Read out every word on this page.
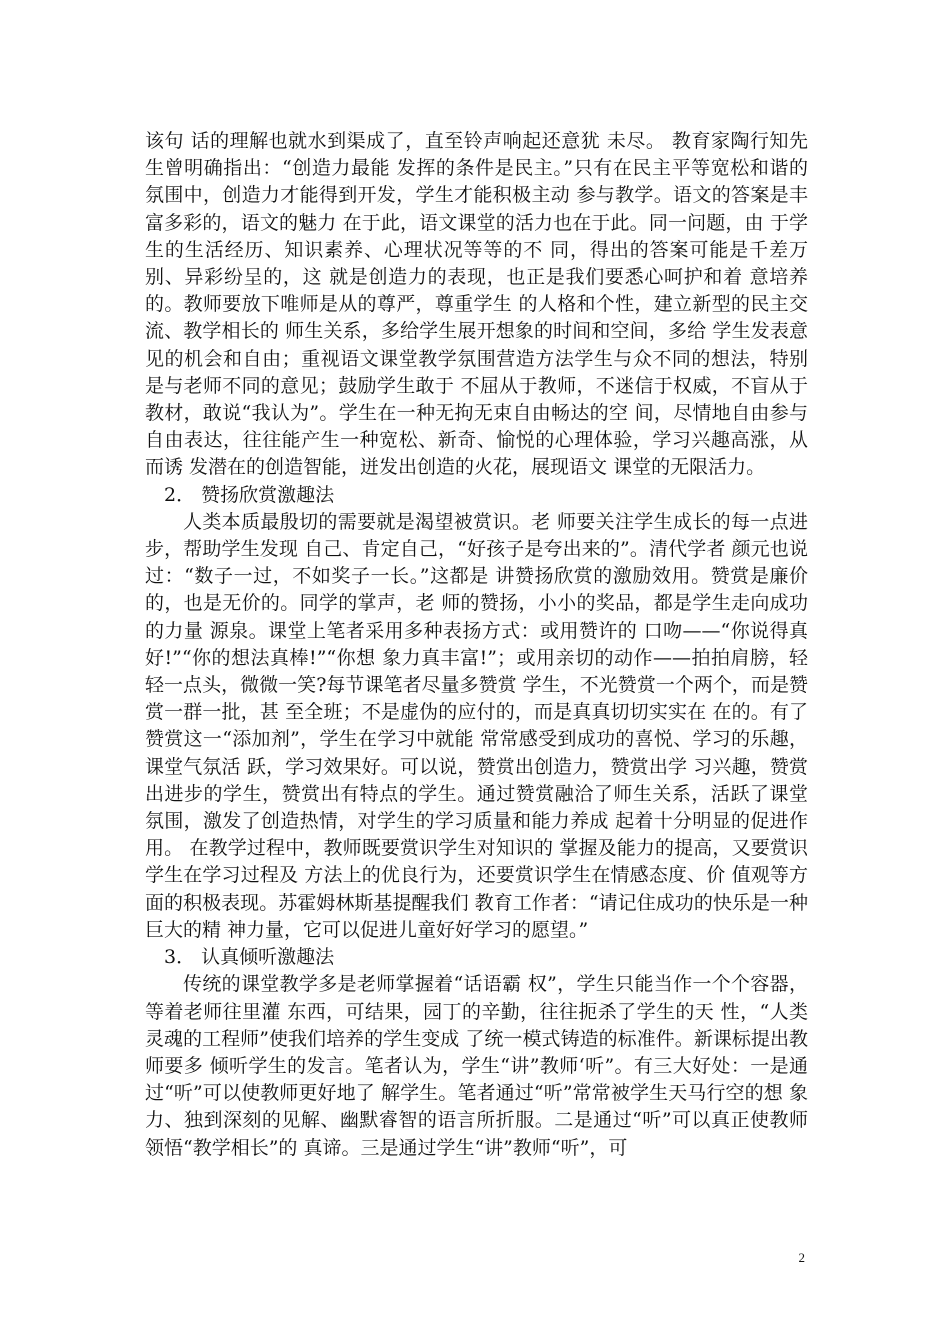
该句 话的理解也就水到渠成了，直至铃声响起还意犹 未尽。 教育家陶行知先生曾明确指出：“创造力最能 发挥的条件是民主。”只有在民主平等宽松和谐的 氛围中，创造力才能得到开发，学生才能积极主动 参与教学。语文的答案是丰富多彩的，语文的魅力 在于此，语文课堂的活力也在于此。同一问题，由 于学生的生活经历、知识素养、心理状况等等的不 同，得出的答案可能是千差万别、异彩纷呈的，这 就是创造力的表现，也正是我们要悉心呵护和着 意培养的。教师要放下唯师是从的尊严，尊重学生 的人格和个性，建立新型的民主交流、教学相长的 师生关系，多给学生展开想象的时间和空间，多给 学生发表意见的机会和自由；重视语文课堂教学氛围营造方法学生与众不同的想法，特别是与老师不同的意见；鼓励学生敢于 不屈从于教师，不迷信于权威，不盲从于教材，敢说“我认为”。学生在一种无拘无束自由畅达的空 间，尽情地自由参与自由表达，往往能产生一种宽松、新奇、愉悦的心理体验，学习兴趣高涨，从而诱 发潜在的创造智能，迸发出创造的火花，展现语文 课堂的无限活力。

2． 赞扬欣赏激趣法

人类本质最殷切的需要就是渴望被赏识。老 师要关注学生成长的每一点进步，帮助学生发现 自己、肯定自己，“好孩子是夸出来的”。清代学者 颜元也说过：“数子一过，不如奖子一长。”这都是 讲赞扬欣赏的激励效用。赞赏是廉价的，也是无价的。同学的掌声，老 师的赞扬，小小的奖品，都是学生走向成功的力量 源泉。课堂上笔者采用多种表扬方式：或用赞许的 口吻——“你说得真好!”“你的想法真棒!”“你想 象力真丰富!”；或用亲切的动作——拍拍肩膀，轻 轻一点头，微微一笑?每节课笔者尽量多赞赏 学生，不光赞赏一个两个，而是赞赏一群一批，甚 至全班；不是虚伪的应付的，而是真真切切实实在 在的。有了赞赏这一“添加剂”，学生在学习中就能 常常感受到成功的喜悦、学习的乐趣，课堂气氛活 跃，学习效果好。可以说，赞赏出创造力，赞赏出学 习兴趣，赞赏出进步的学生，赞赏出有特点的学生。通过赞赏融洽了师生关系，活跃了课堂氛围，激发了创造热情，对学生的学习质量和能力养成 起着十分明显的促进作用。 在教学过程中，教师既要赏识学生对知识的 掌握及能力的提高，又要赏识学生在学习过程及 方法上的优良行为，还要赏识学生在情感态度、价 值观等方面的积极表现。苏霍姆林斯基提醒我们 教育工作者：“请记住成功的快乐是一种巨大的精 神力量，它可以促进儿童好好学习的愿望。”

3． 认真倾听激趣法

传统的课堂教学多是老师掌握着“话语霸 权”，学生只能当作一个个容器，等着老师往里灌 东西，可结果，园丁的辛勤，往往扼杀了学生的天 性，“人类灵魂的工程师”使我们培养的学生变成 了统一模式铸造的标准件。新课标提出教师要多 倾听学生的发言。笔者认为，学生“讲”教师‘听”。有三大好处：一是通过“听”可以使教师更好地了 解学生。笔者通过“听”常常被学生天马行空的想 象力、独到深刻的见解、幽默睿智的语言所折服。二是通过“听”可以真正使教师领悟“教学相长”的 真谛。三是通过学生“讲”教师“听”，可

2
